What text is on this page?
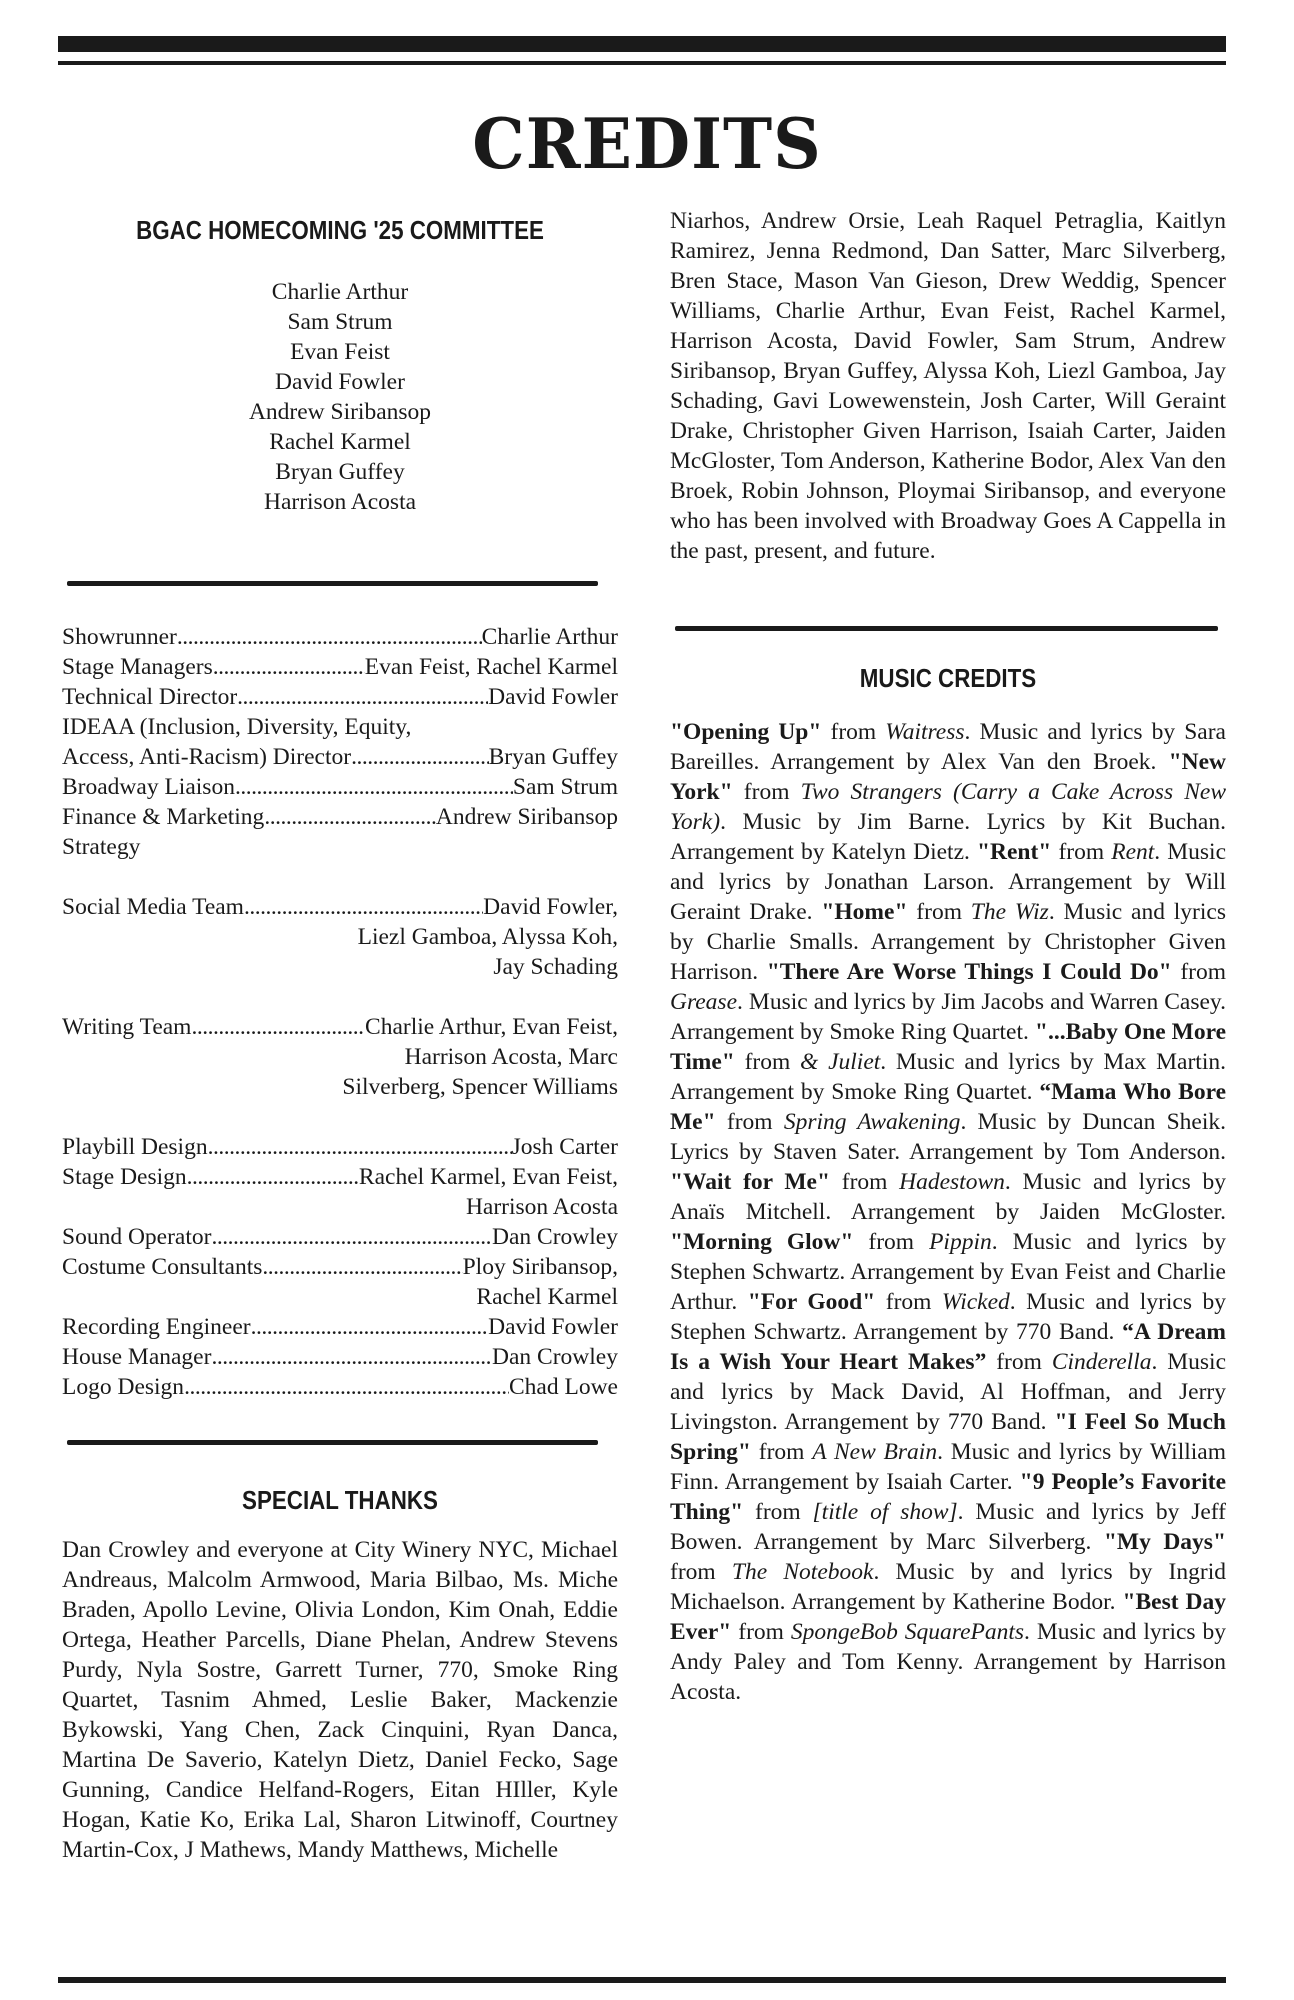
CREDITS
BGAC HOMECOMING '25 COMMITTEE
Charlie Arthur
Sam Strum
Evan Feist
David Fowler
Andrew Siribansop
Rachel Karmel
Bryan Guffey
Harrison Acosta
Showrunner .....	Charlie Arthur
Stage Managers .....	Evan Feist, Rachel Karmel
Technical Director .....	David Fowler
IDEAA (Inclusion, Diversity, Equity,
Access, Anti-Racism) Director .....	Bryan Guffey
Broadway Liaison .....	Sam Strum
Finance & Marketing .....	Andrew Siribansop
Strategy
Social Media Team .....	David Fowler,
Liezl Gamboa, Alyssa Koh,
Jay Schading
Writing Team .....	Charlie Arthur, Evan Feist,
Harrison Acosta, Marc
Silverberg, Spencer Williams
Playbill Design .....	Josh Carter
Stage Design .....	Rachel Karmel, Evan Feist,
Harrison Acosta
Sound Operator .....	Dan Crowley
Costume Consultants .....	Ploy Siribansop,
Rachel Karmel
Recording Engineer .....	David Fowler
House Manager .....	Dan Crowley
Logo Design .....	Chad Lowe
SPECIAL THANKS

Dan Crowley and everyone at City Winery NYC, Michael Andreaus, Malcolm Armwood, Maria Bilbao, Ms. Miche Braden, Apollo Levine, Olivia London, Kim Onah, Eddie Ortega, Heather Parcells, Diane Phelan, Andrew Stevens Purdy, Nyla Sostre, Garrett Turner, 770, Smoke Ring Quartet, Tasnim Ahmed, Leslie Baker, Mackenzie Bykowski, Yang Chen, Zack Cinquini, Ryan Danca, Martina De Saverio, Katelyn Dietz, Daniel Fecko, Sage Gunning, Candice Helfand-Rogers, Eitan HIller, Kyle Hogan, Katie Ko, Erika Lal, Sharon Litwinoff, Courtney Martin-Cox, J Mathews, Mandy Matthews, Michelle

Niarhos, Andrew Orsie, Leah Raquel Petraglia, Kaitlyn Ramirez, Jenna Redmond, Dan Satter, Marc Silverberg, Bren Stace, Mason Van Gieson, Drew Weddig, Spencer Williams, Charlie Arthur, Evan Feist, Rachel Karmel, Harrison Acosta, David Fowler, Sam Strum, Andrew Siribansop, Bryan Guffey, Alyssa Koh, Liezl Gamboa, Jay Schading, Gavi Lowewenstein, Josh Carter, Will Geraint Drake, Christopher Given Harrison, Isaiah Carter, Jaiden McGloster, Tom Anderson, Katherine Bodor, Alex Van den Broek, Robin Johnson, Ploymai Siribansop, and everyone who has been involved with Broadway Goes A Cappella in the past, present, and future.

MUSIC CREDITS

"Opening Up" from Waitress. Music and lyrics by Sara Bareilles. Arrangement by Alex Van den Broek. "New York" from Two Strangers (Carry a Cake Across New York). Music by Jim Barne. Lyrics by Kit Buchan. Arrangement by Katelyn Dietz. "Rent" from Rent. Music and lyrics by Jonathan Larson. Arrangement by Will Geraint Drake. "Home" from The Wiz. Music and lyrics by Charlie Smalls. Arrangement by Christopher Given Harrison. "There Are Worse Things I Could Do" from Grease. Music and lyrics by Jim Jacobs and Warren Casey. Arrangement by Smoke Ring Quartet. "...Baby One More Time" from & Juliet. Music and lyrics by Max Martin. Arrangement by Smoke Ring Quartet. “Mama Who Bore Me" from Spring Awakening. Music by Duncan Sheik. Lyrics by Staven Sater. Arrangement by Tom Anderson. "Wait for Me" from Hadestown. Music and lyrics by Anaïs Mitchell. Arrangement by Jaiden McGloster. "Morning Glow" from Pippin. Music and lyrics by Stephen Schwartz. Arrangement by Evan Feist and Charlie Arthur. "For Good" from Wicked. Music and lyrics by Stephen Schwartz. Arrangement by 770 Band. “A Dream Is a Wish Your Heart Makes” from Cinderella. Music and lyrics by Mack David, Al Hoffman, and Jerry Livingston. Arrangement by 770 Band. "I Feel So Much Spring" from A New Brain. Music and lyrics by William Finn. Arrangement by Isaiah Carter. "9 People’s Favorite Thing" from [title of show]. Music and lyrics by Jeff Bowen. Arrangement by Marc Silverberg. "My Days" from The Notebook. Music by and lyrics by Ingrid Michaelson. Arrangement by Katherine Bodor. "Best Day Ever" from SpongeBob SquarePants. Music and lyrics by Andy Paley and Tom Kenny. Arrangement by Harrison Acosta.
